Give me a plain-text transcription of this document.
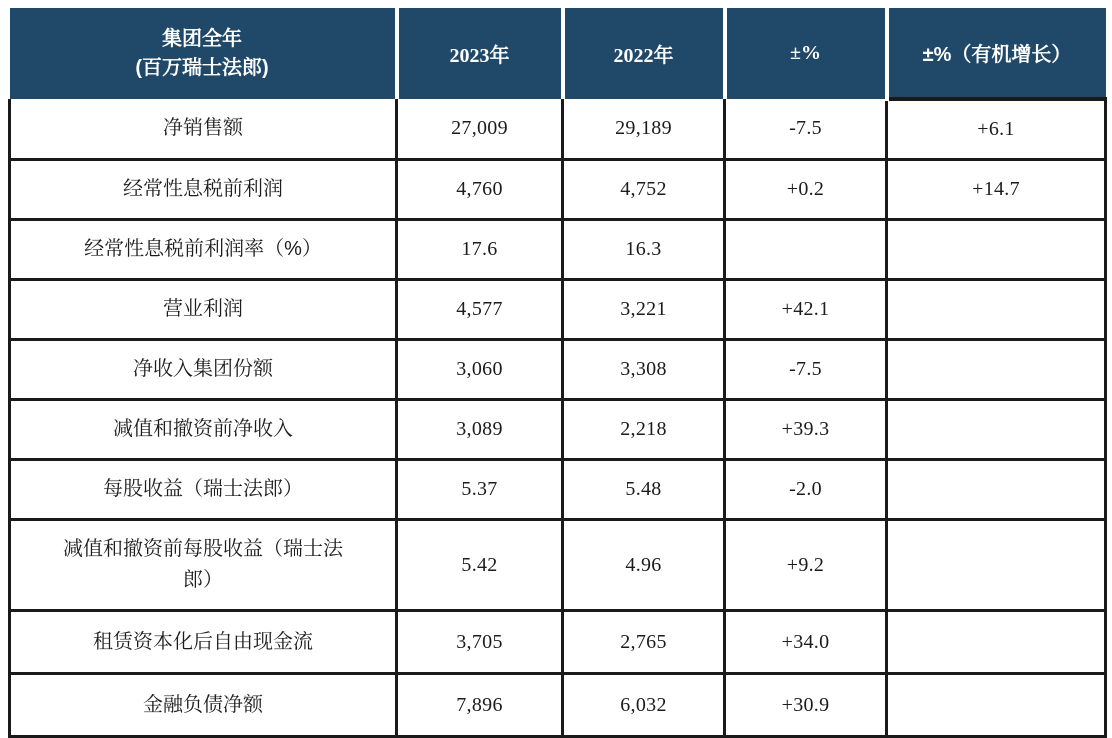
集团全年
(百万瑞士法郎)	2023年	2022年	±%	±%（有机增长）
净销售额	27,009	29,189	-7.5	+6.1
经常性息税前利润	4,760	4,752	+0.2	+14.7
经常性息税前利润率（%）	17.6	16.3		
营业利润	4,577	3,221	+42.1	
净收入集团份额	3,060	3,308	-7.5	
减值和撤资前净收入	3,089	2,218	+39.3	
每股收益（瑞士法郎）	5.37	5.48	-2.0	
减值和撤资前每股收益（瑞士法郎）	5.42	4.96	+9.2	
租赁资本化后自由现金流	3,705	2,765	+34.0	
金融负债净额	7,896	6,032	+30.9	
